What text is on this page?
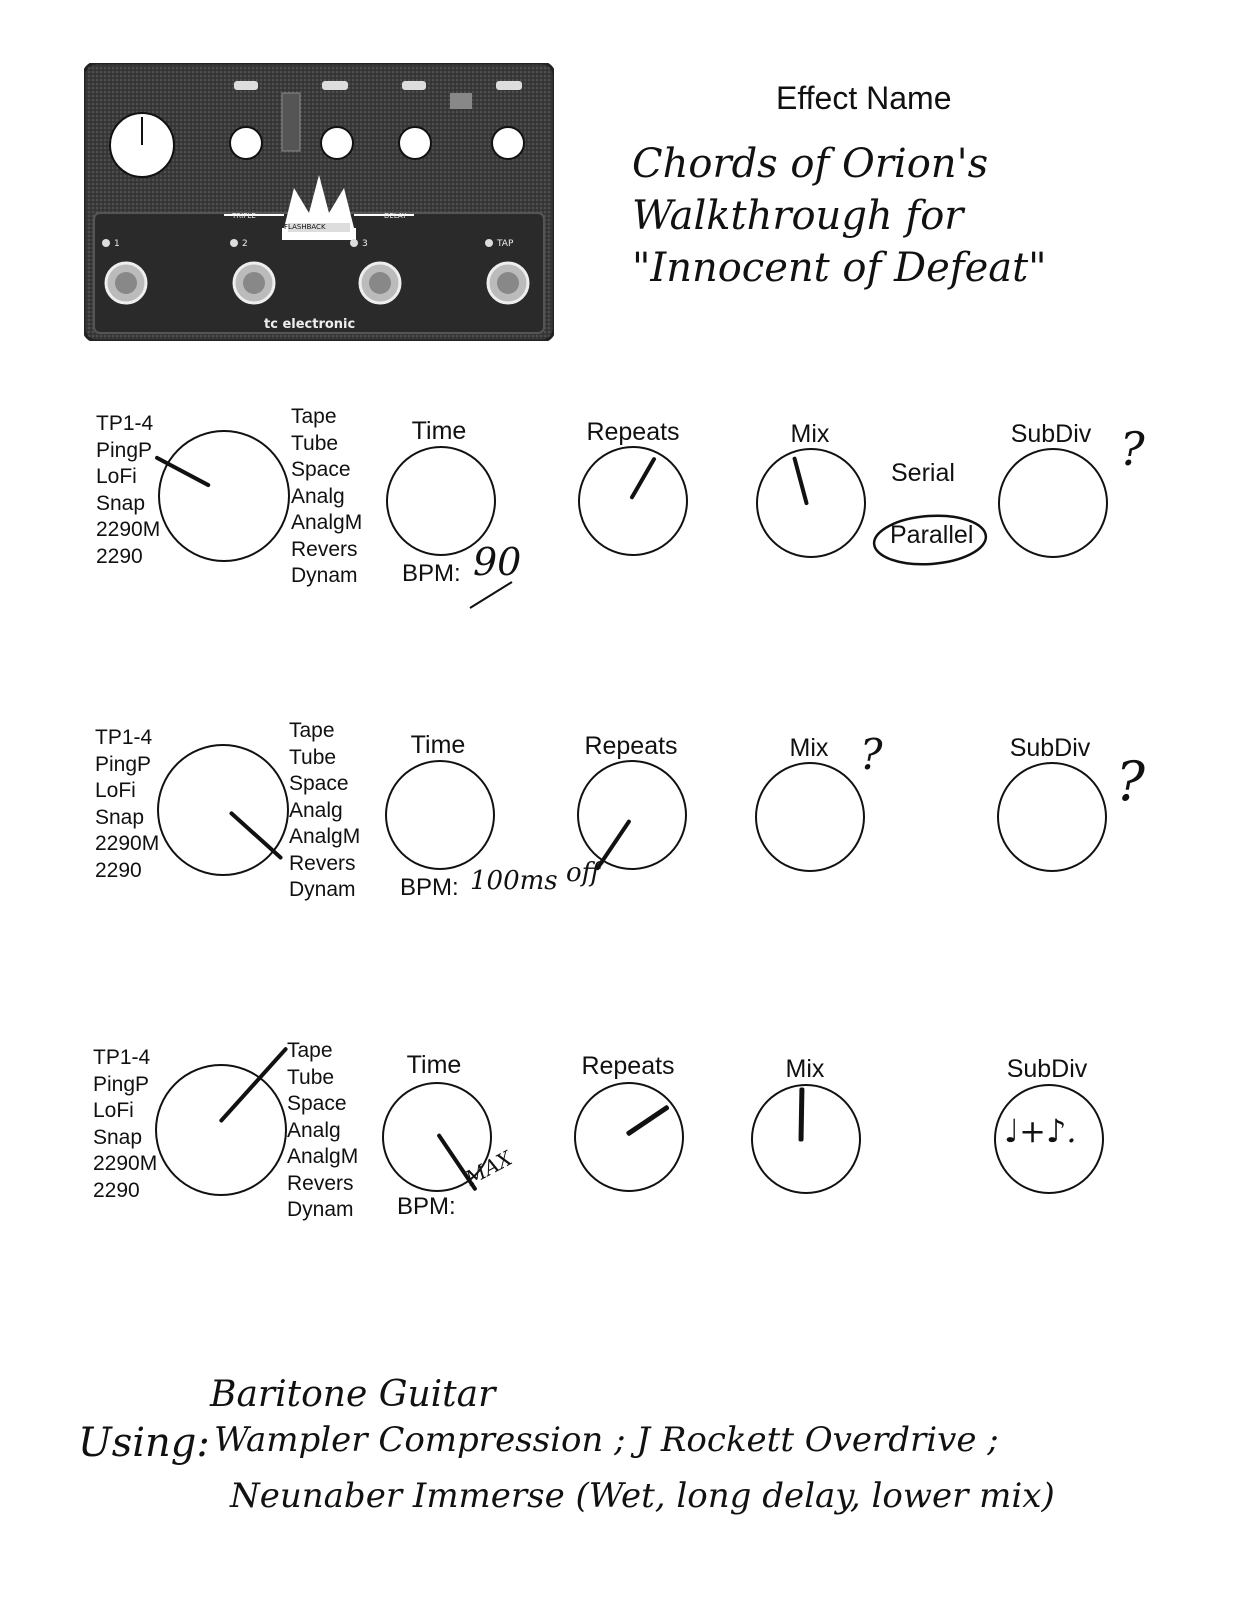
FLASHBACK
TRIPLE	DELAY
1	2	3	TAP
tc electronic
Effect Name
Chords of Orion's
Walkthrough for
"Innocent of Defeat"
TP1-4
PingP
LoFi
Snap
2290M
2290
Tape
Tube
Space
Analg
AnalgM
Revers
Dynam
Time
BPM: 90
Repeats	Mix
Serial
Parallel
SubDiv ?
TP1-4
PingP
LoFi
Snap
2290M
2290
Tape
Tube
Space
Analg
AnalgM
Revers
Dynam
Time
BPM: 100ms
Repeats
off
Mix ?	SubDiv
?
TP1-4
PingP
LoFi
Snap
2290M
2290
Tape
Tube
Space
Analg
AnalgM
Revers
Dynam
Time
BPM:
MAX
Repeats	Mix	SubDiv
♩+♪.
Baritone Guitar
Using: Wampler Compression ; J Rockett Overdrive ;
Neunaber Immerse (Wet, long delay, lower mix)
